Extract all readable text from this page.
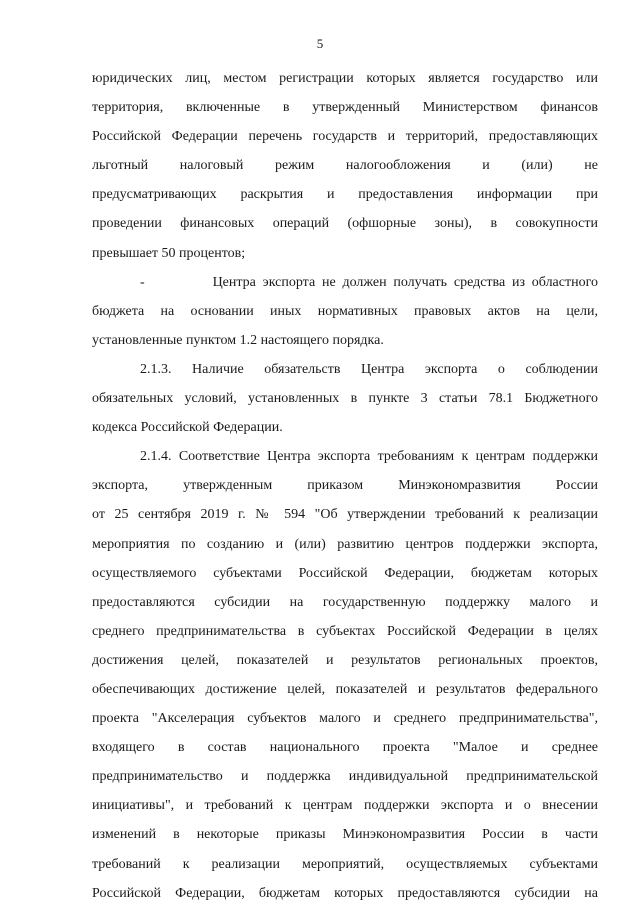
5
юридических лиц, местом регистрации которых является государство или
территория, включенные в утвержденный Министерством финансов
Российской Федерации перечень государств и территорий, предоставляющих
льготный налоговый режим налогообложения и (или) не
предусматривающих раскрытия и предоставления информации при
проведении финансовых операций (офшорные зоны), в совокупности
превышает 50 процентов;
-          Центра экспорта не должен получать средства из областного
бюджета на основании иных нормативных правовых актов на цели,
установленные пунктом 1.2 настоящего порядка.
2.1.3. Наличие обязательств Центра экспорта о соблюдении
обязательных условий, установленных в пункте 3 статьи 78.1 Бюджетного
кодекса Российской Федерации.
2.1.4. Соответствие Центра экспорта требованиям к центрам поддержки
экспорта, утвержденным приказом Минэкономразвития России
от 25 сентября 2019 г. № 594 "Об утверждении требований к реализации
мероприятия по созданию и (или) развитию центров поддержки экспорта,
осуществляемого субъектами Российской Федерации, бюджетам которых
предоставляются субсидии на государственную поддержку малого и
среднего предпринимательства в субъектах Российской Федерации в целях
достижения целей, показателей и результатов региональных проектов,
обеспечивающих достижение целей, показателей и результатов федерального
проекта "Акселерация субъектов малого и среднего предпринимательства",
входящего в состав национального проекта "Малое и среднее
предпринимательство и поддержка индивидуальной предпринимательской
инициативы", и требований к центрам поддержки экспорта и о внесении
изменений в некоторые приказы Минэкономразвития России в части
требований к реализации мероприятий, осуществляемых субъектами
Российской Федерации, бюджетам которых предоставляются субсидии на
